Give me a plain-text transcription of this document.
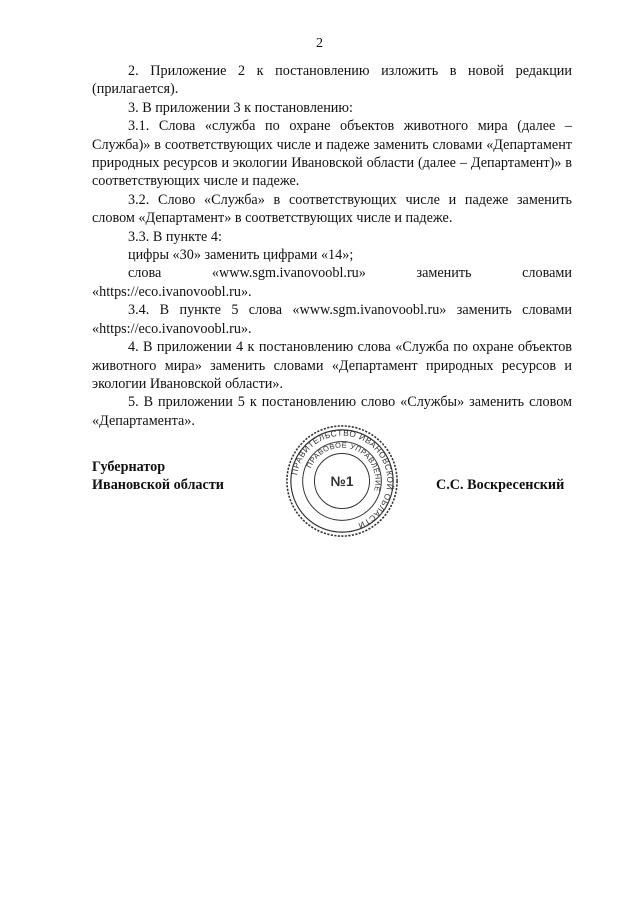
2

2. Приложение 2 к постановлению изложить в новой редакции (прилагается).

3. В приложении 3 к постановлению:

3.1. Слова «служба по охране объектов животного мира (далее – Служба)» в соответствующих числе и падеже заменить словами «Департамент природных ресурсов и экологии Ивановской области (далее – Департамент)» в соответствующих числе и падеже.

3.2. Слово «Служба» в соответствующих числе и падеже заменить словом «Департамент» в соответствующих числе и падеже.

3.3. В пункте 4:

цифры «30» заменить цифрами «14»;

слова «www.sgm.ivanovoobl.ru» заменить словами

«https://eco.ivanovoobl.ru».

3.4. В пункте 5 слова «www.sgm.ivanovoobl.ru» заменить словами «https://eco.ivanovoobl.ru».

4. В приложении 4 к постановлению слова «Служба по охране объектов животного мира» заменить словами «Департамент природных ресурсов и экологии Ивановской области».

5. В приложении 5 к постановлению слово «Службы» заменить словом «Департамента».

Губернатор
Ивановской области
ПРАВИТЕЛЬСТВО ИВАНОВСКОЙ ОБЛАСТИ
ПРАВОВОЕ УПРАВЛЕНИЕ
№1	С.С. Воскресенский
